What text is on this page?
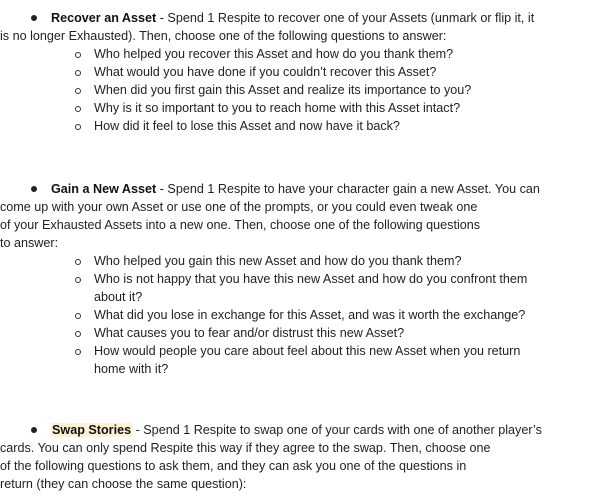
Recover an Asset - Spend 1 Respite to recover one of your Assets (unmark or flip it, it
is no longer Exhausted). Then, choose one of the following questions to answer:
Who helped you recover this Asset and how do you thank them?
What would you have done if you couldn’t recover this Asset?
When did you first gain this Asset and realize its importance to you?
Why is it so important to you to reach home with this Asset intact?
How did it feel to lose this Asset and now have it back?
Gain a New Asset - Spend 1 Respite to have your character gain a new Asset. You can
come up with your own Asset or use one of the prompts, or you could even tweak one
of your Exhausted Assets into a new one. Then, choose one of the following questions
to answer:
Who helped you gain this new Asset and how do you thank them?
Who is not happy that you have this new Asset and how do you confront them
about it?
What did you lose in exchange for this Asset, and was it worth the exchange?
What causes you to fear and/or distrust this new Asset?
How would people you care about feel about this new Asset when you return
home with it?
Swap Stories - Spend 1 Respite to swap one of your cards with one of another player’s
cards. You can only spend Respite this way if they agree to the swap. Then, choose one
of the following questions to ask them, and they can ask you one of the questions in
return (they can choose the same question):
